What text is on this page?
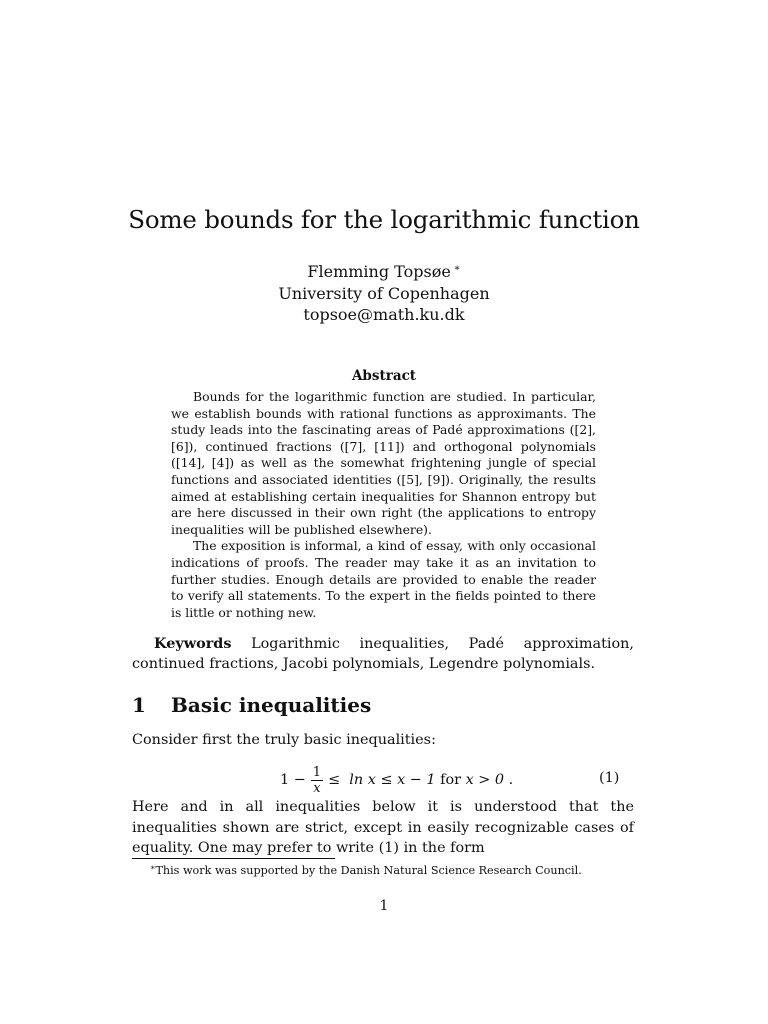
Some bounds for the logarithmic function
Flemming Topsøe ∗
University of Copenhagen
topsoe@math.ku.dk
Abstract

Bounds for the logarithmic function are studied. In particular, we establish bounds with rational functions as approximants. The study leads into the fascinating areas of Padé approximations ([2], [6]), continued fractions ([7], [11]) and orthogonal polynomials ([14], [4]) as well as the somewhat frightening jungle of special functions and associated identities ([5], [9]). Originally, the results aimed at establishing certain inequalities for Shannon entropy but are here discussed in their own right (the applications to entropy inequalities will be published elsewhere).

The exposition is informal, a kind of essay, with only occasional indications of proofs. The reader may take it as an invitation to further studies. Enough details are provided to enable the reader to verify all statements. To the expert in the fields pointed to there is little or nothing new.

Keywords Logarithmic inequalities, Padé approximation, continued fractions, Jacobi polynomials, Legendre polynomials.
1 Basic inequalities
Consider first the truly basic inequalities:
$1 - \frac{1}{x}$ ≤
ln
x
≤
x − 1
for
x > 0 .	(1)
Here and in all inequalities below it is understood that the inequalities shown are strict, except in easily recognizable cases of equality. One may prefer to write (1) in the form
∗This work was supported by the Danish Natural Science Research Council.
1
